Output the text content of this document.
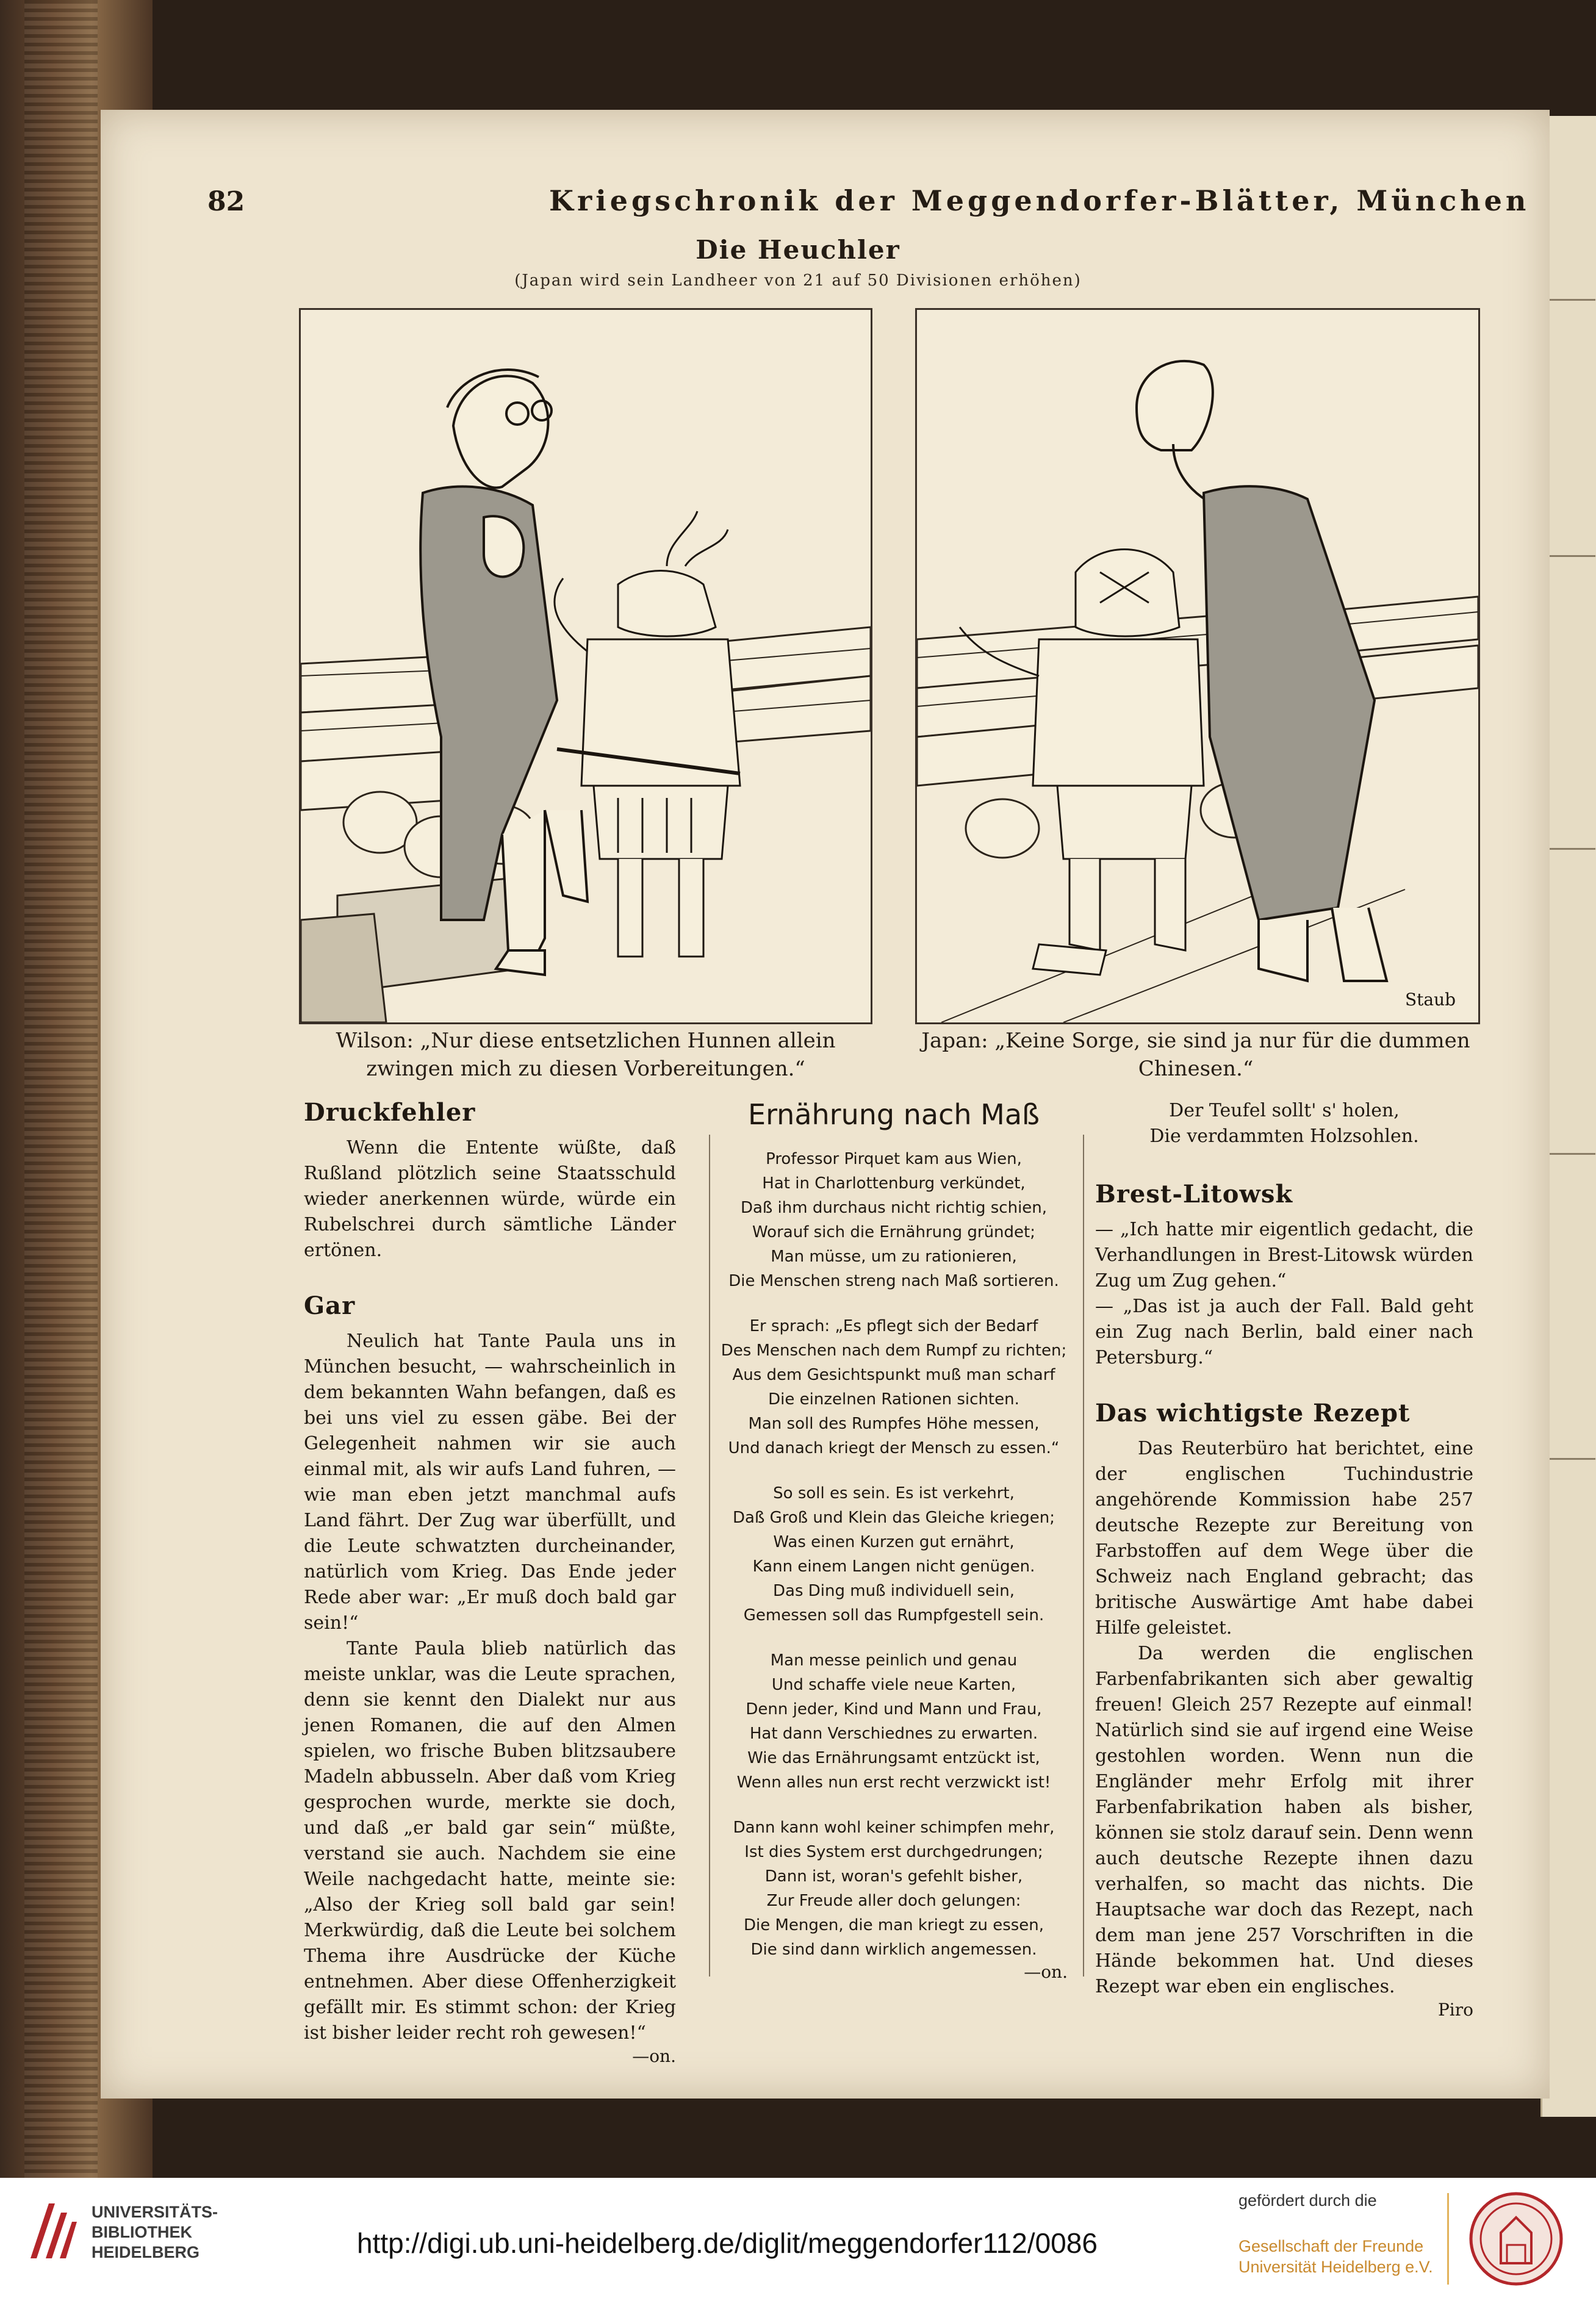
82	Kriegschronik der Meggendorfer-Blätter, München
Die Heuchler
(Japan wird sein Landheer von 21 auf 50 Divisionen erhöhen)
Staub
Wilson: „Nur diese entsetzlichen Hunnen allein zwingen mich zu diesen Vorbereitungen.“
Japan: „Keine Sorge, sie sind ja nur für die dummen Chinesen.“

Druckfehler

Wenn die Entente wüßte, daß Rußland plötzlich seine Staatsschuld wieder anerkennen würde, würde ein Rubelschrei durch sämtliche Länder ertönen.

Gar

Neulich hat Tante Paula uns in München besucht, — wahrscheinlich in dem bekannten Wahn befangen, daß es bei uns viel zu essen gäbe. Bei der Gelegenheit nahmen wir sie auch einmal mit, als wir aufs Land fuhren, — wie man eben jetzt manchmal aufs Land fährt. Der Zug war überfüllt, und die Leute schwatzten durcheinander, natürlich vom Krieg. Das Ende jeder Rede aber war: „Er muß doch bald gar sein!“

Tante Paula blieb natürlich das meiste unklar, was die Leute sprachen, denn sie kennt den Dialekt nur aus jenen Romanen, die auf den Almen spielen, wo frische Buben blitzsaubere Madeln abbusseln. Aber daß vom Krieg gesprochen wurde, merkte sie doch, und daß „er bald gar sein“ müßte, verstand sie auch. Nachdem sie eine Weile nachgedacht hatte, meinte sie: „Also der Krieg soll bald gar sein! Merkwürdig, daß die Leute bei solchem Thema ihre Ausdrücke der Küche entnehmen. Aber diese Offenherzigkeit gefällt mir. Es stimmt schon: der Krieg ist bisher leider recht roh gewesen!“

—on.

Ernährung nach Maß

Professor Pirquet kam aus Wien,
Hat in Charlottenburg verkündet,
Daß ihm durchaus nicht richtig schien,
Worauf sich die Ernährung gründet;
Man müsse, um zu rationieren,
Die Menschen streng nach Maß sortieren.
Er sprach: „Es pflegt sich der Bedarf
Des Menschen nach dem Rumpf zu richten;
Aus dem Gesichtspunkt muß man scharf
Die einzelnen Rationen sichten.
Man soll des Rumpfes Höhe messen,
Und danach kriegt der Mensch zu essen.“
So soll es sein. Es ist verkehrt,
Daß Groß und Klein das Gleiche kriegen;
Was einen Kurzen gut ernährt,
Kann einem Langen nicht genügen.
Das Ding muß individuell sein,
Gemessen soll das Rumpfgestell sein.
Man messe peinlich und genau
Und schaffe viele neue Karten,
Denn jeder, Kind und Mann und Frau,
Hat dann Verschiednes zu erwarten.
Wie das Ernährungsamt entzückt ist,
Wenn alles nun erst recht verzwickt ist!
Dann kann wohl keiner schimpfen mehr,
Ist dies System erst durchgedrungen;
Dann ist, woran's gefehlt bisher,
Zur Freude aller doch gelungen:
Die Mengen, die man kriegt zu essen,
Die sind dann wirklich angemessen.

—on.

Der Teufel sollt' s' holen,

Die verdammten Holzsohlen.

Brest-Litowsk

— „Ich hatte mir eigentlich gedacht, die Verhandlungen in Brest-Litowsk würden Zug um Zug gehen.“

— „Das ist ja auch der Fall. Bald geht ein Zug nach Berlin, bald einer nach Petersburg.“

Das wichtigste Rezept

Das Reuterbüro hat berichtet, eine der englischen Tuchindustrie angehörende Kommission habe 257 deutsche Rezepte zur Bereitung von Farbstoffen auf dem Wege über die Schweiz nach England gebracht; das britische Auswärtige Amt habe dabei Hilfe geleistet.

Da werden die englischen Farbenfabrikanten sich aber gewaltig freuen! Gleich 257 Rezepte auf einmal! Natürlich sind sie auf irgend eine Weise gestohlen worden. Wenn nun die Engländer mehr Erfolg mit ihrer Farbenfabrikation haben als bisher, können sie stolz darauf sein. Denn wenn auch deutsche Rezepte ihnen dazu verhalfen, so macht das nichts. Die Hauptsache war doch das Rezept, nach dem man jene 257 Vorschriften in die Hände bekommen hat. Und dieses Rezept war eben ein englisches.

Piro

UNIVERSITÄTS-
BIBLIOTHEK
HEIDELBERG	http://digi.ub.uni-heidelberg.de/diglit/meggendorfer112/0086
gefördert durch die
Gesellschaft der Freunde
Universität Heidelberg e.V.
